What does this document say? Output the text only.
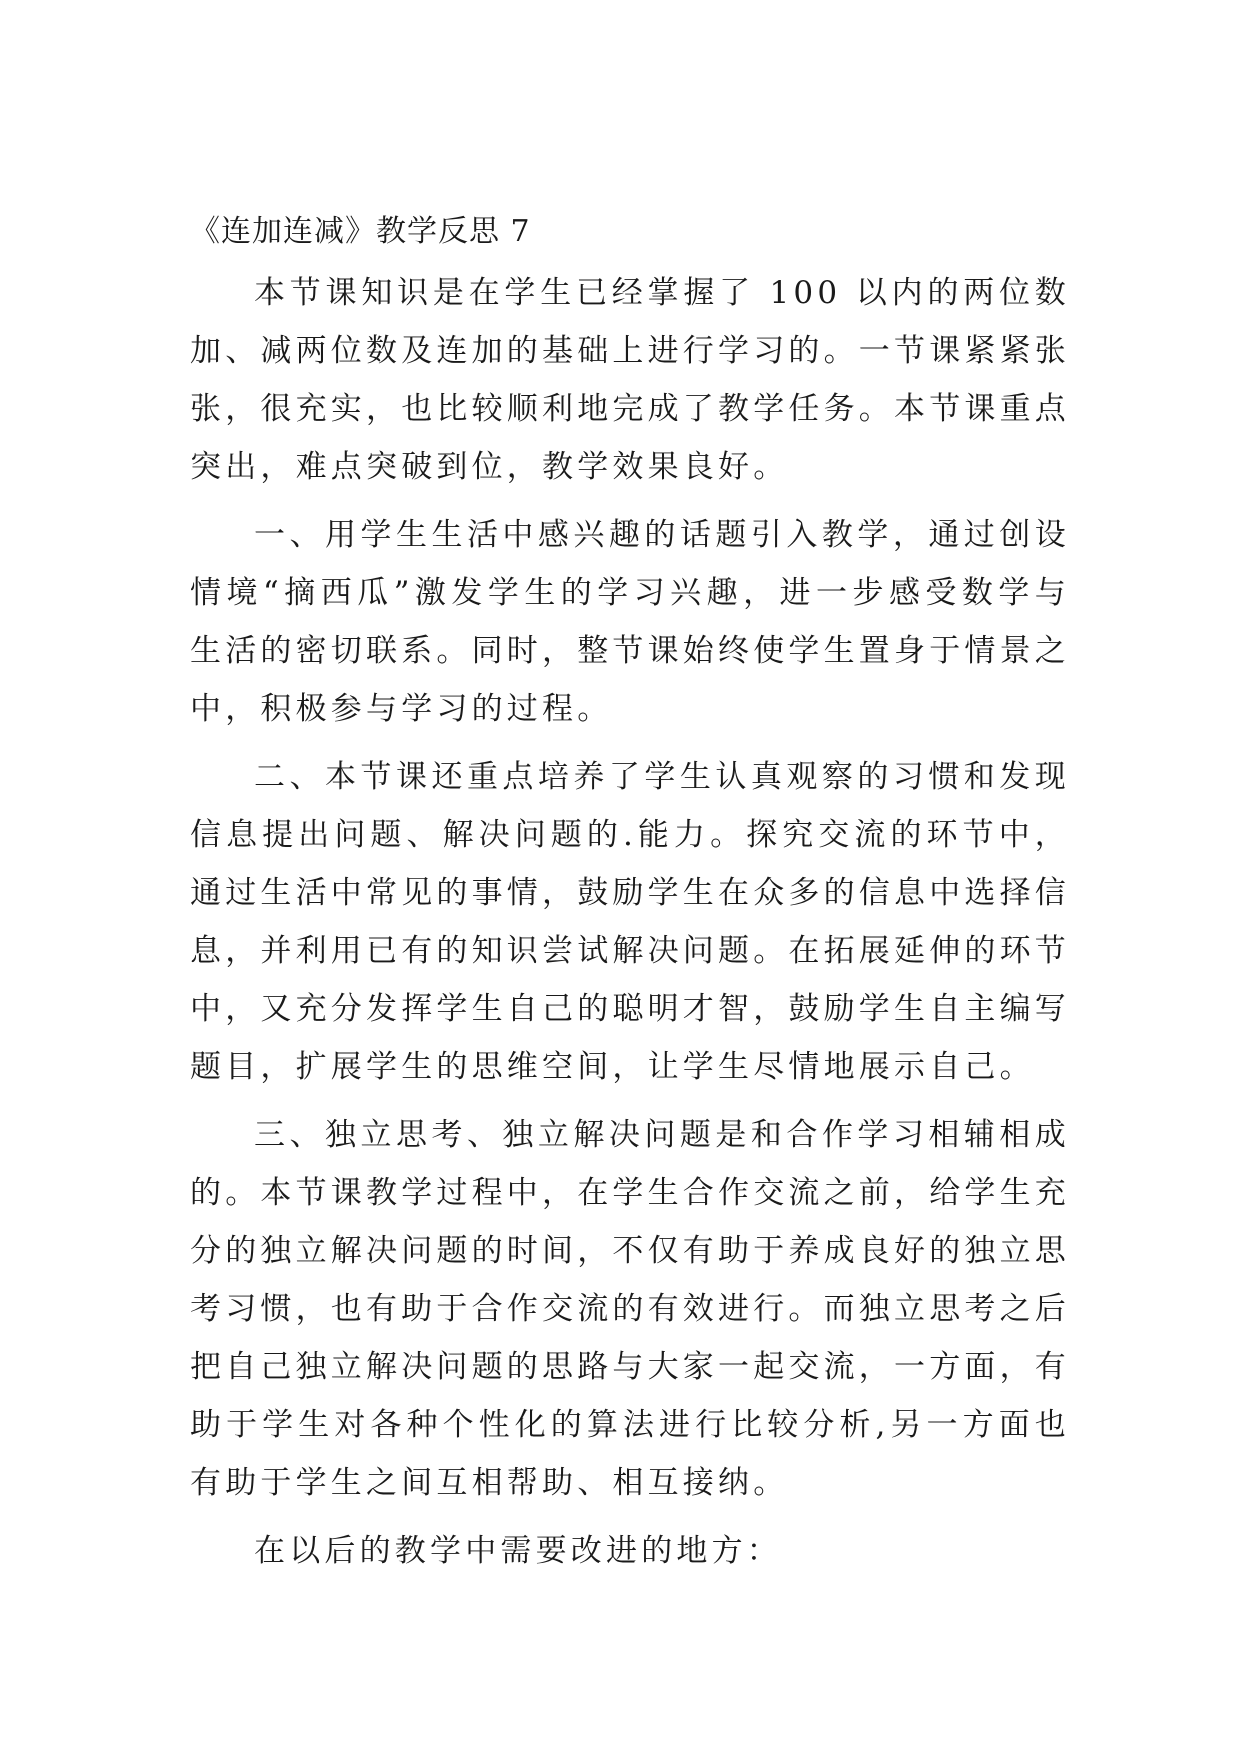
《连加连减》教学反思 7

本节课知识是在学生已经掌握了 100 以内的两位数加、减两位数及连加的基础上进行学习的。一节课紧紧张张，很充实，也比较顺利地完成了教学任务。本节课重点突出，难点突破到位，教学效果良好。

一、用学生生活中感兴趣的话题引入教学，通过创设情境“摘西瓜”激发学生的学习兴趣，进一步感受数学与生活的密切联系。同时，整节课始终使学生置身于情景之中，积极参与学习的过程。

二、本节课还重点培养了学生认真观察的习惯和发现信息提出问题、解决问题的.能力。探究交流的环节中，通过生活中常见的事情，鼓励学生在众多的信息中选择信息，并利用已有的知识尝试解决问题。在拓展延伸的环节中，又充分发挥学生自己的聪明才智，鼓励学生自主编写题目，扩展学生的思维空间，让学生尽情地展示自己。

三、独立思考、独立解决问题是和合作学习相辅相成的。本节课教学过程中，在学生合作交流之前，给学生充分的独立解决问题的时间，不仅有助于养成良好的独立思考习惯，也有助于合作交流的有效进行。而独立思考之后把自己独立解决问题的思路与大家一起交流，一方面，有助于学生对各种个性化的算法进行比较分析,另一方面也有助于学生之间互相帮助、相互接纳。

在以后的教学中需要改进的地方：
